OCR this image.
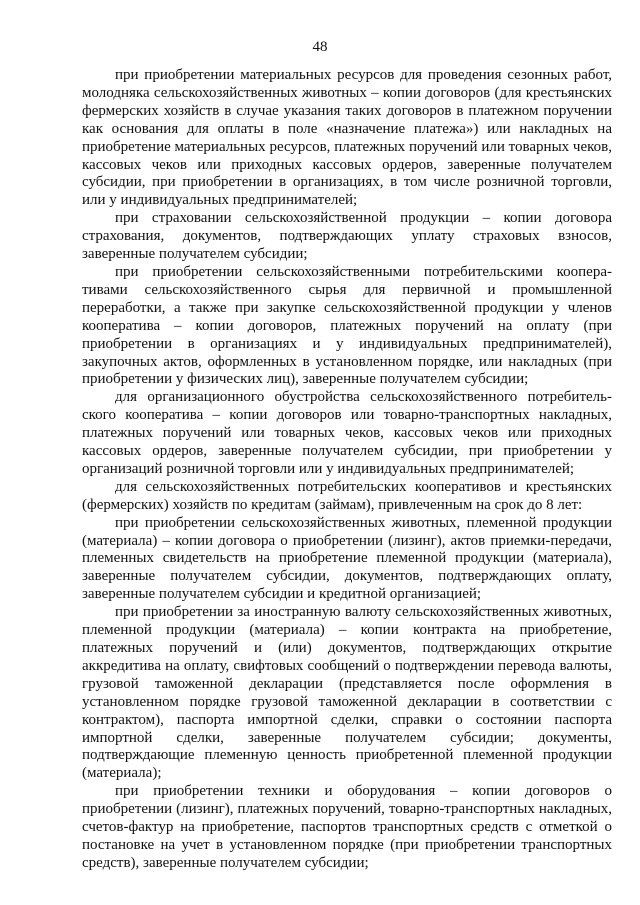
48

при приобретении материальных ресурсов для проведения сезонных работ, молодняка сельскохозяйственных животных – копии договоров (для крестьянских фермерских хозяйств в случае указания таких договоров в платежном поручении как основания для оплаты в поле «назначение платежа») или накладных на приобретение материальных ресурсов, платежных поручений или товарных чеков, кассовых чеков или приходных кассовых ордеров, заверенные получателем субсидии, при приобретении в организациях, в том числе розничной торговли, или у индивидуальных предпринимателей;

при страховании сельскохозяйственной продукции – копии договора страхования, документов, подтверждающих уплату страховых взносов, заверенные получателем субсидии;

при приобретении сельскохозяйственными потребительскими кооперативами сельскохозяйственного сырья для первичной и промышленной переработки, а также при закупке сельскохозяйственной продукции у членов кооператива – копии договоров, платежных поручений на оплату (при приобретении в организациях и у индивидуальных предпринимателей), закупочных актов, оформленных в установленном порядке, или накладных (при приобретении у физических лиц), заверенные получателем субсидии;

для организационного обустройства сельскохозяйственного потребительского кооператива – копии договоров или товарно-транспортных накладных, платежных поручений или товарных чеков, кассовых чеков или приходных кассовых ордеров, заверенные получателем субсидии, при приобретении у организаций розничной торговли или у индивидуальных предпринимателей;

для сельскохозяйственных потребительских кооперативов и крестьянских (фермерских) хозяйств по кредитам (займам), привлеченным на срок до 8 лет:

при приобретении сельскохозяйственных животных, племенной продукции (материала) – копии договора о приобретении (лизинг), актов приемки-передачи, племенных свидетельств на приобретение племенной продукции (материала), заверенные получателем субсидии, документов, подтверждающих оплату, заверенные получателем субсидии и кредитной организацией;

при приобретении за иностранную валюту сельскохозяйственных животных, племенной продукции (материала) – копии контракта на приобретение, платежных поручений и (или) документов, подтверждающих открытие аккредитива на оплату, свифтовых сообщений о подтверждении перевода валюты, грузовой таможенной декларации (представляется после оформления в установленном порядке грузовой таможенной декларации в соответствии с контрактом), паспорта импортной сделки, справки о состоянии паспорта импортной сделки, заверенные получателем субсидии; документы, подтверждающие племенную ценность приобретенной племенной продукции (материала);

при приобретении техники и оборудования – копии договоров о приобретении (лизинг), платежных поручений, товарно-транспортных накладных, счетов-фактур на приобретение, паспортов транспортных средств с отметкой о постановке на учет в установленном порядке (при приобретении транспортных средств), заверенные получателем субсидии;
